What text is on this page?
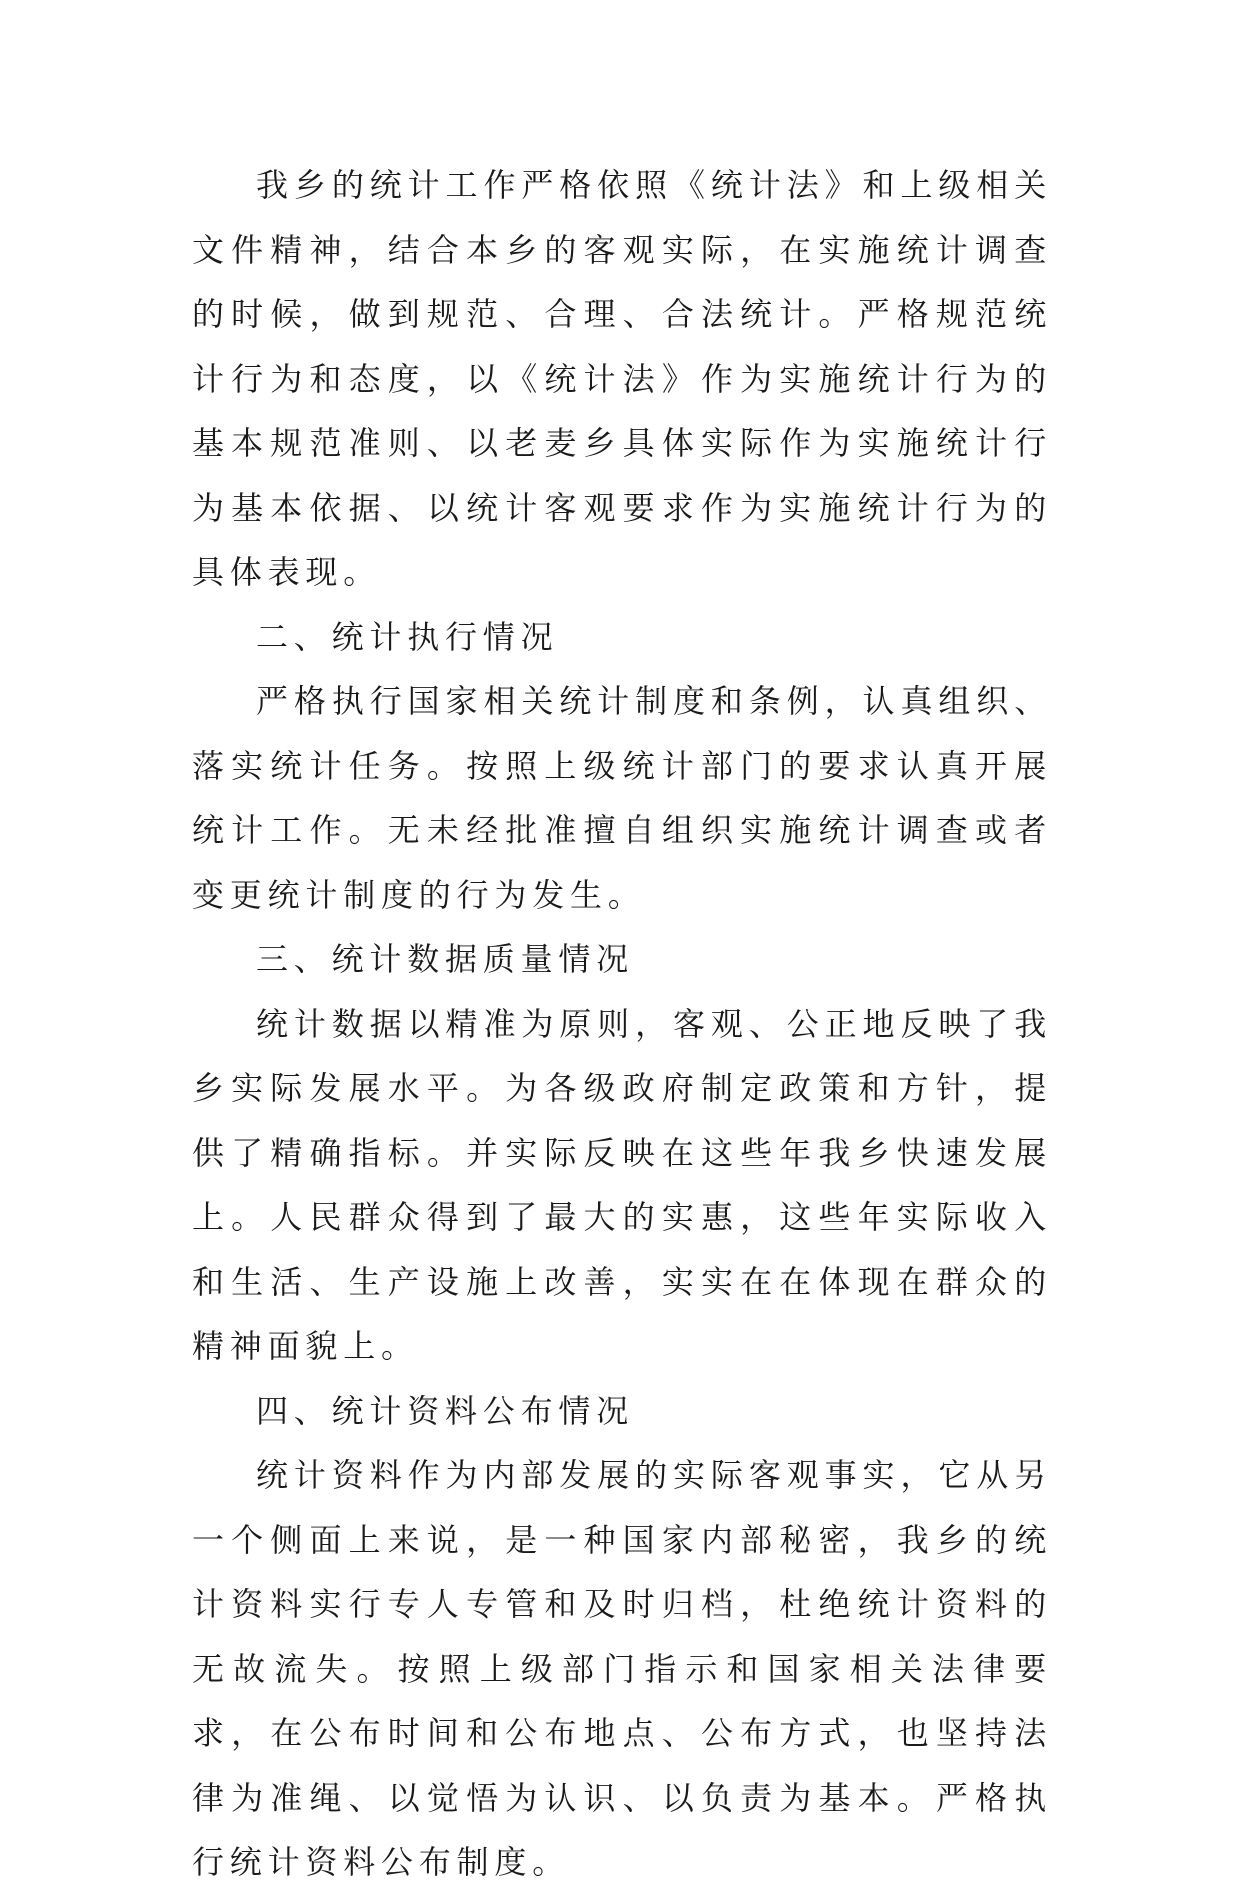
我乡的统计工作严格依照《统计法》和上级相关文件精神，结合本乡的客观实际，在实施统计调查的时候，做到规范、合理、合法统计。严格规范统计行为和态度，以《统计法》作为实施统计行为的基本规范准则、以老麦乡具体实际作为实施统计行为基本依据、以统计客观要求作为实施统计行为的具体表现。

二、统计执行情况

严格执行国家相关统计制度和条例，认真组织、落实统计任务。按照上级统计部门的要求认真开展统计工作。无未经批准擅自组织实施统计调查或者变更统计制度的行为发生。

三、统计数据质量情况

统计数据以精准为原则，客观、公正地反映了我乡实际发展水平。为各级政府制定政策和方针，提供了精确指标。并实际反映在这些年我乡快速发展上。人民群众得到了最大的实惠，这些年实际收入和生活、生产设施上改善，实实在在体现在群众的精神面貌上。

四、统计资料公布情况

统计资料作为内部发展的实际客观事实，它从另一个侧面上来说，是一种国家内部秘密，我乡的统计资料实行专人专管和及时归档，杜绝统计资料的无故流失。按照上级部门指示和国家相关法律要求，在公布时间和公布地点、公布方式，也坚持法律为准绳、以觉悟为认识、以负责为基本。严格执行统计资料公布制度。
